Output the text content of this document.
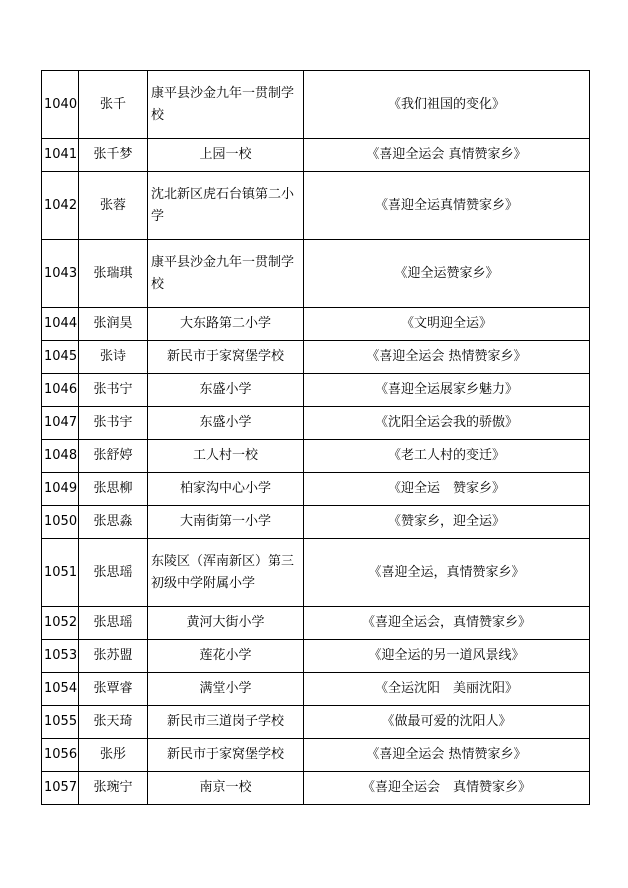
1040	张千	康平县沙金九年一贯制学校	《我们祖国的变化》
1041	张千梦	上园一校	《喜迎全运会 真情赞家乡》
1042	张蓉	沈北新区虎石台镇第二小学	《喜迎全运真情赞家乡》
1043	张瑞琪	康平县沙金九年一贯制学校	《迎全运赞家乡》
1044	张润昊	大东路第二小学	《文明迎全运》
1045	张诗	新民市于家窝堡学校	《喜迎全运会 热情赞家乡》
1046	张书宁	东盛小学	《喜迎全运展家乡魅力》
1047	张书宇	东盛小学	《沈阳全运会我的骄傲》
1048	张舒婷	工人村一校	《老工人村的变迁》
1049	张思柳	柏家沟中心小学	《迎全运　赞家乡》
1050	张思淼	大南街第一小学	《赞家乡，迎全运》
1051	张思瑶	东陵区（浑南新区）第三初级中学附属小学	《喜迎全运，真情赞家乡》
1052	张思瑶	黄河大街小学	《喜迎全运会，真情赞家乡》
1053	张苏盟	莲花小学	《迎全运的另一道风景线》
1054	张覃睿	满堂小学	《全运沈阳　美丽沈阳》
1055	张天琦	新民市三道岗子学校	《做最可爱的沈阳人》
1056	张彤	新民市于家窝堡学校	《喜迎全运会 热情赞家乡》
1057	张琬宁	南京一校	《喜迎全运会　真情赞家乡》
